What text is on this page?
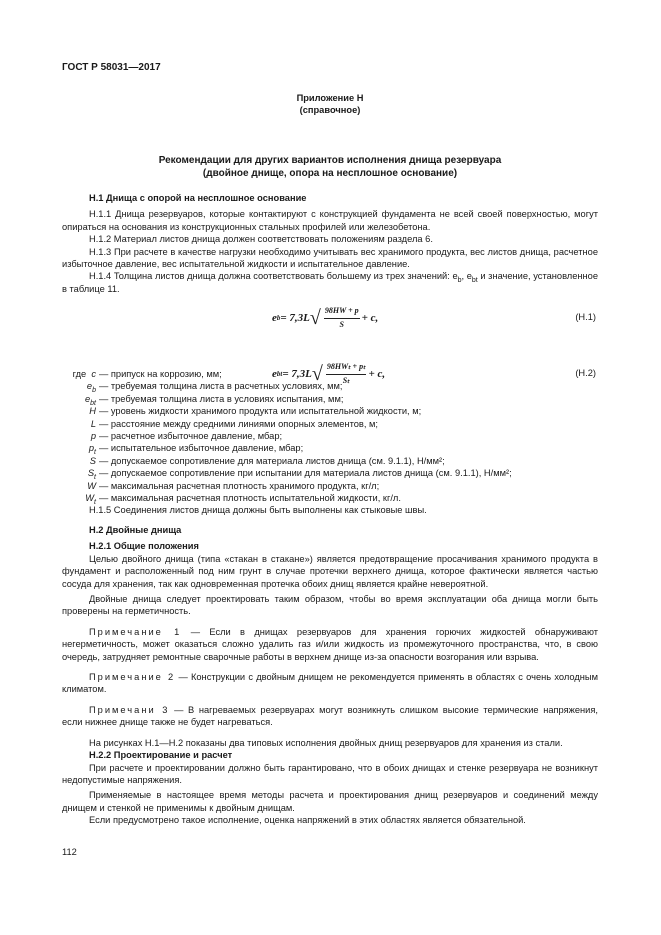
ГОСТ Р 58031—2017
Приложение Н
(справочное)
Рекомендации для других вариантов исполнения днища резервуара
(двойное днище, опора на несплошное основание)

Н.1 Днища с опорой на несплошное основание

Н.1.1 Днища резервуаров, которые контактируют с конструкцией фундамента не всей своей поверхностью, могут опираться на основания из конструкционных стальных профилей или железобетона.

Н.1.2 Материал листов днища должен соответствовать положениям раздела 6.

Н.1.3 При расчете в качестве нагрузки необходимо учитывать вес хранимого продукта, вес листов днища, расчетное избыточное давление, вес испытательной жидкости и испытательное давление.

Н.1.4 Толщина листов днища должна соответствовать большему из трех значений: $e_b$, $e_{bt}$ и значение, установленное в таблице 11.

e b = 7,3L √ $\frac{98HW + p}{S} + c$,	(Н.1)
e bt = 7,3L √ $\frac{\text{98HWₜ + pₜ}}{\text{Sₜ}} + c$,	(Н.2)
где c — припуск на коррозию, мм;
$e_b$ — требуемая толщина листа в расчетных условиях, мм;
$e_{bt}$ — требуемая толщина листа в условиях испытания, мм;
H — уровень жидкости хранимого продукта или испытательной жидкости, м;
L — расстояние между средними линиями опорных элементов, м;
p — расчетное избыточное давление, мбар;
$p_t$ — испытательное избыточное давление, мбар;
S — допускаемое сопротивление для материала листов днища (см. 9.1.1), Н/мм²;
$S_t$ — допускаемое сопротивление при испытании для материала листов днища (см. 9.1.1), Н/мм²;
W — максимальная расчетная плотность хранимого продукта, кг/л;
$W_t$ — максимальная расчетная плотность испытательной жидкости, кг/л.

Н.1.5 Соединения листов днища должны быть выполнены как стыковые швы.

Н.2 Двойные днища

Н.2.1 Общие положения

Целью двойного днища (типа «стакан в стакане») является предотвращение просачивания хранимого продукта в фундамент и расположенный под ним грунт в случае протечки верхнего днища, которое фактически является частью сосуда для хранения, так как одновременная протечка обоих днищ является крайне невероятной.

Двойные днища следует проектировать таким образом, чтобы во время эксплуатации оба днища могли быть проверены на герметичность.

Примечание 1 — Если в днищах резервуаров для хранения горючих жидкостей обнаруживают негерметичность, может оказаться сложно удалить газ и/или жидкость из промежуточного пространства, что, в свою очередь, затрудняет ремонтные сварочные работы в верхнем днище из-за опасности возгорания или взрыва.

Примечание 2 — Конструкции с двойным днищем не рекомендуется применять в областях с очень холодным климатом.

Примечани 3 — В нагреваемых резервуарах могут возникнуть слишком высокие термические напряжения, если нижнее днище также не будет нагреваться.

На рисунках Н.1—Н.2 показаны два типовых исполнения двойных днищ резервуаров для хранения из стали.

Н.2.2 Проектирование и расчет

При расчете и проектировании должно быть гарантировано, что в обоих днищах и стенке резервуара не возникнут недопустимые напряжения.

Применяемые в настоящее время методы расчета и проектирования днищ резервуаров и соединений между днищем и стенкой не применимы к двойным днищам.

Если предусмотрено такое исполнение, оценка напряжений в этих областях является обязательной.

112
